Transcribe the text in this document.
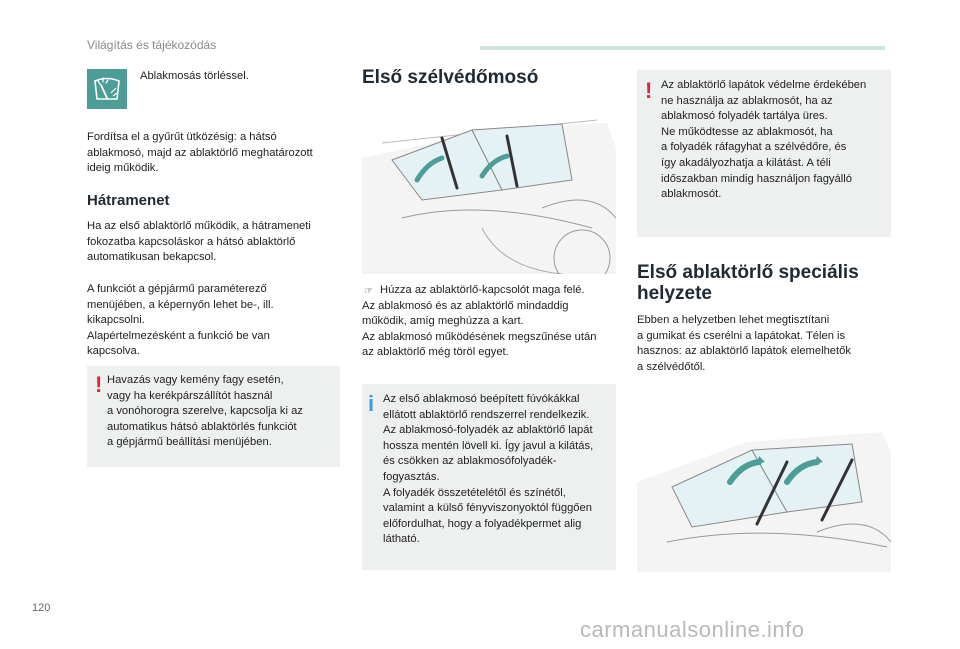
Világítás és tájékozódás

Ablakmosás törléssel.

Fordítsa el a gyűrűt ütközésig: a hátsó
ablakmosó, majd az ablaktörlő meghatározott
ideig működik.

Hátramenet

Ha az első ablaktörlő működik, a hátrameneti
fokozatba kapcsoláskor a hátsó ablaktörlő
automatikusan bekapcsol.

A funkciót a gépjármű paraméterező
menüjében, a képernyőn lehet be-, ill.
kikapcsolni.
Alapértelmezésként a funkció be van
kapcsolva.

! Havazás vagy kemény fagy esetén,
vagy ha kerékpárszállítót használ
a vonóhorogra szerelve, kapcsolja ki az
automatikus hátsó ablaktörlés funkciót
a gépjármű beállítási menüjében.

Első szélvédőmosó
☞ Húzza az ablaktörlő-kapcsolót maga felé.
Az ablakmosó és az ablaktörlő mindaddig
működik, amíg meghúzza a kart.
Az ablakmosó működésének megszűnése után
az ablaktörlő még töröl egyet.

i Az első ablakmosó beépített fúvókákkal
ellátott ablaktörlő rendszerrel rendelkezik.
Az ablakmosó-folyadék az ablaktörlő lapát
hossza mentén lövell ki. Így javul a kilátás,
és csökken az ablakmosófolyadék-
fogyasztás.
A folyadék összetételétől és színétől,
valamint a külső fényviszonyoktól függően
előfordulhat, hogy a folyadékpermet alig
látható.

! Az ablaktörlő lapátok védelme érdekében
ne használja az ablakmosót, ha az
ablakmosó folyadék tartálya üres.
Ne működtesse az ablakmosót, ha
a folyadék ráfagyhat a szélvédőre, és
így akadályozhatja a kilátást. A téli
időszakban mindig használjon fagyálló
ablakmosót.

Első ablaktörlő speciális
helyzete

Ebben a helyzetben lehet megtisztítani
a gumikat és cserélni a lapátokat. Télen is
hasznos: az ablaktörlő lapátok elemelhetők
a szélvédőtől.

120
carmanualsonline.info
